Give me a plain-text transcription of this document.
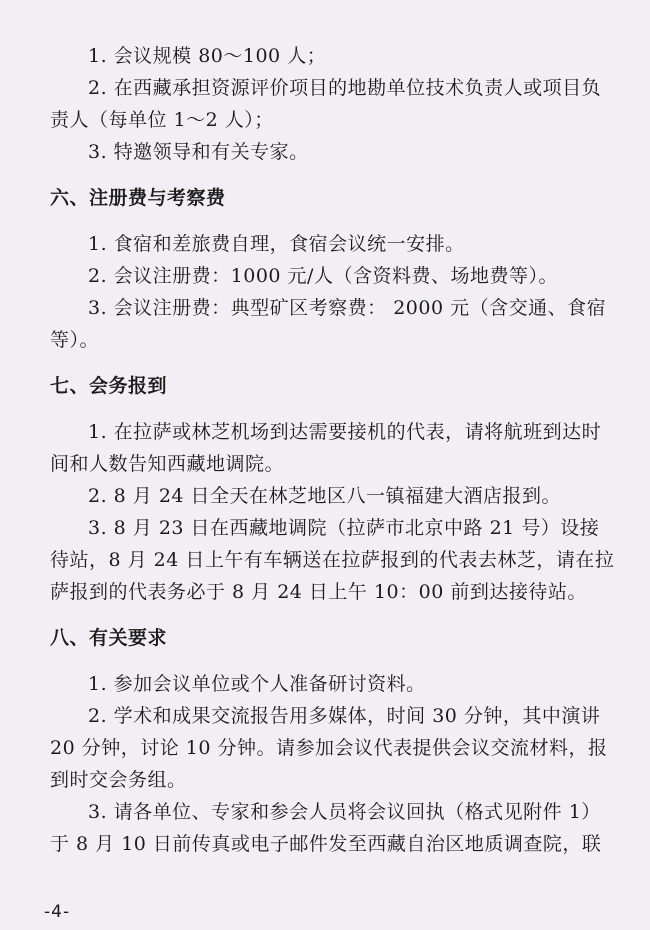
1. 会议规模 80～100 人；

2. 在西藏承担资源评价项目的地勘单位技术负责人或项目负责人（每单位 1～2 人）；

3. 特邀领导和有关专家。

六、注册费与考察费

1. 食宿和差旅费自理，食宿会议统一安排。

2. 会议注册费：1000 元/人（含资料费、场地费等）。

3. 会议注册费：典型矿区考察费： 2000 元（含交通、食宿等）。

七、会务报到

1. 在拉萨或林芝机场到达需要接机的代表，请将航班到达时间和人数告知西藏地调院。

2. 8 月 24 日全天在林芝地区八一镇福建大酒店报到。

3. 8 月 23 日在西藏地调院（拉萨市北京中路 21 号）设接待站，8 月 24 日上午有车辆送在拉萨报到的代表去林芝，请在拉萨报到的代表务必于 8 月 24 日上午 10：00 前到达接待站。

八、有关要求

1. 参加会议单位或个人准备研讨资料。

2. 学术和成果交流报告用多媒体，时间 30 分钟，其中演讲 20 分钟，讨论 10 分钟。请参加会议代表提供会议交流材料，报到时交会务组。

3. 请各单位、专家和参会人员将会议回执（格式见附件 1）于 8 月 10 日前传真或电子邮件发至西藏自治区地质调查院，联

-4-
